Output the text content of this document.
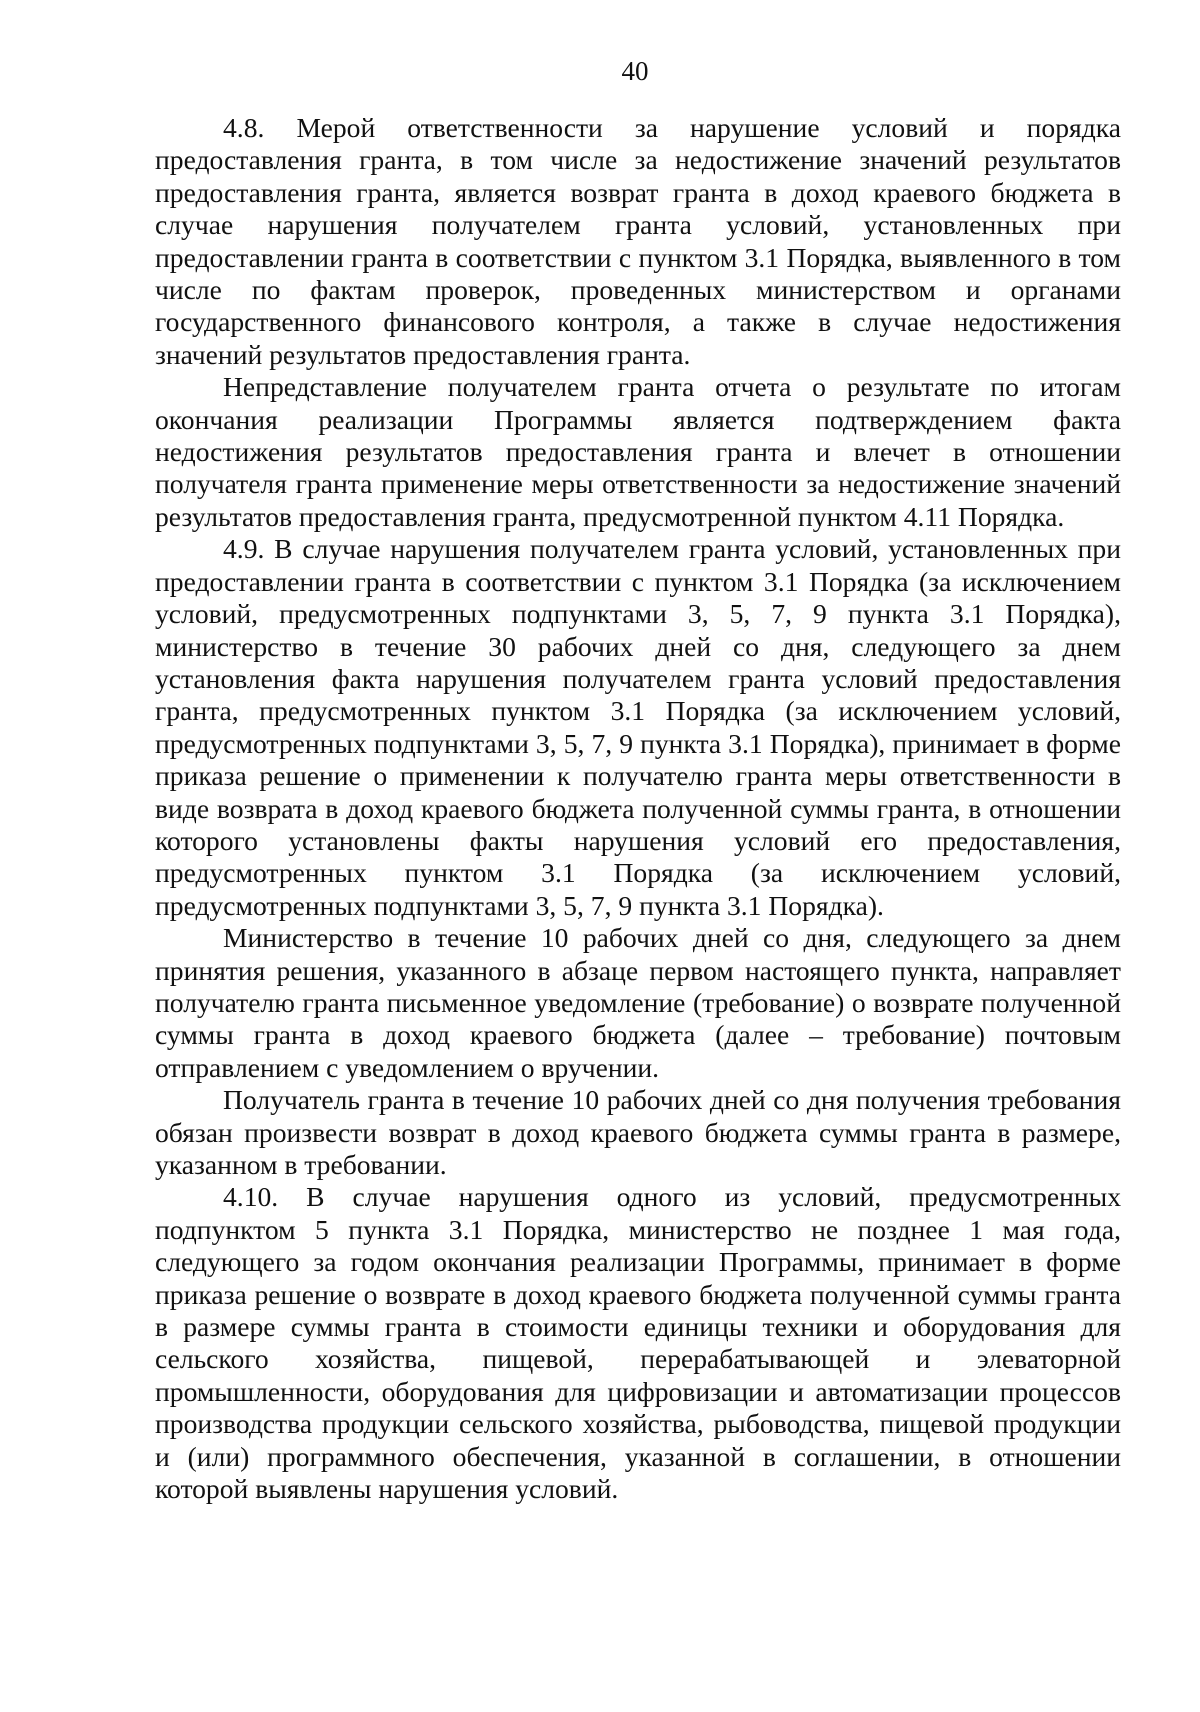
40

4.8. Мерой ответственности за нарушение условий и порядка предоставления гранта, в том числе за недостижение значений результатов предоставления гранта, является возврат гранта в доход краевого бюджета в случае нарушения получателем гранта условий, установленных при предоставлении гранта в соответствии с пунктом 3.1 Порядка, выявленного в том числе по фактам проверок, проведенных министерством и органами государственного финансового контроля, а также в случае недостижения значений результатов предоставления гранта.

Непредставление получателем гранта отчета о результате по итогам окончания реализации Программы является подтверждением факта недостижения результатов предоставления гранта и влечет в отношении получателя гранта применение меры ответственности за недостижение значений результатов предоставления гранта, предусмотренной пунктом 4.11 Порядка.

4.9. В случае нарушения получателем гранта условий, установленных при предоставлении гранта в соответствии с пунктом 3.1 Порядка (за исключением условий, предусмотренных подпунктами 3, 5, 7, 9 пункта 3.1 Порядка), министерство в течение 30 рабочих дней со дня, следующего за днем установления факта нарушения получателем гранта условий предоставления гранта, предусмотренных пунктом 3.1 Порядка (за исключением условий, предусмотренных подпунктами 3, 5, 7, 9 пункта 3.1 Порядка), принимает в форме приказа решение о применении к получателю гранта меры ответственности в виде возврата в доход краевого бюджета полученной суммы гранта, в отношении которого установлены факты нарушения условий его предоставления, предусмотренных пунктом 3.1 Порядка (за исключением условий, предусмотренных подпунктами 3, 5, 7, 9 пункта 3.1 Порядка).

Министерство в течение 10 рабочих дней со дня, следующего за днем принятия решения, указанного в абзаце первом настоящего пункта, направляет получателю гранта письменное уведомление (требование) о возврате полученной суммы гранта в доход краевого бюджета (далее – требование) почтовым отправлением с уведомлением о вручении.

Получатель гранта в течение 10 рабочих дней со дня получения требования обязан произвести возврат в доход краевого бюджета суммы гранта в размере, указанном в требовании.

4.10. В случае нарушения одного из условий, предусмотренных подпунктом 5 пункта 3.1 Порядка, министерство не позднее 1 мая года, следующего за годом окончания реализации Программы, принимает в форме приказа решение о возврате в доход краевого бюджета полученной суммы гранта в размере суммы гранта в стоимости единицы техники и оборудования для сельского хозяйства, пищевой, перерабатывающей и элеваторной промышленности, оборудования для цифровизации и автоматизации процессов производства продукции сельского хозяйства, рыбоводства, пищевой продукции и (или) программного обеспечения, указанной в соглашении, в отношении которой выявлены нарушения условий.
